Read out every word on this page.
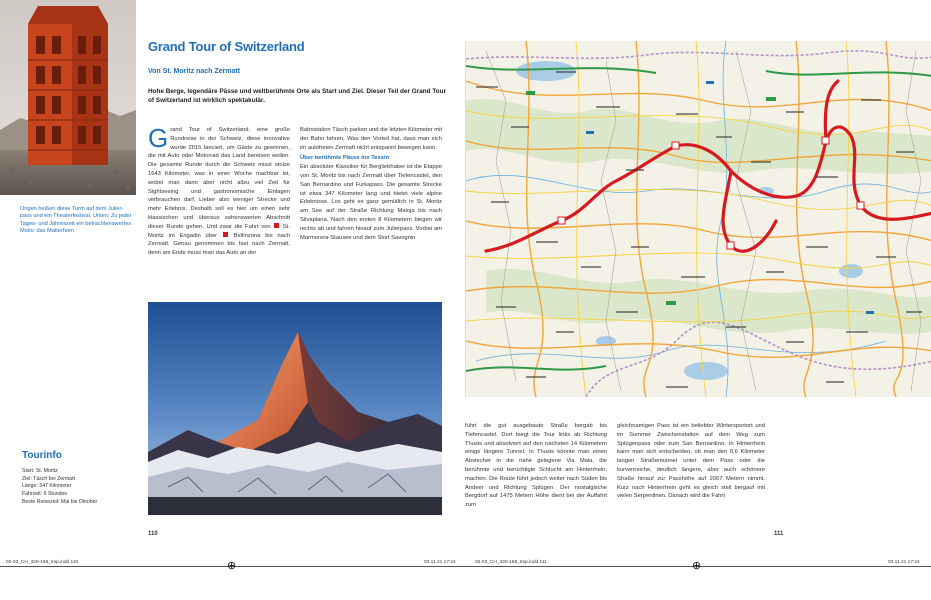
Origen heißen diese Turm auf dem Julier-pass und ein Theaterfestival. Unten: Zu jeder Tages- und Jahreszeit ein betrachtenswertes Motiv: das Matterhorn
Grand Tour of Switzerland
Von St. Moritz nach Zermatt
Hohe Berge, legendäre Pässe und weltberühmte Orte als Start und Ziel. Dieser Teil der Grand Tour of Switzerland ist wirklich spektakulär.

Grand Tour of Switzerland, eine große Rundreise in der Schweiz, diese innovative wurde 2015 lanciert, um Gäste zu gewinnen, die mit Auto oder Motorrad das Land bereisen wollen. Die gesamte Runde durch die Schweiz misst stolze 1643 Kilometer, was in einer Woche machbar ist, wobei man dann aber nicht allzu viel Zeit für Sightseeing und gastronomische Einlagen verbrauchen darf. Lieber also weniger Strecke und mehr Erlebnis. Deshalb soll es hier um einen sehr klassischen und überaus sehenswerten Abschnitt dieser Runde gehen. Und zwar die Fahrt von St. Moritz im Engadin über	Bellinzona bis nach Zermatt. Genau genommen bis fast nach Zermatt, denn am Ende muss man das Auto an der

Bahnstation Täsch parken und die letzten Kilometer mit der Bahn fahren. Was den Vorteil hat, dass man sich im autofreien Zermatt nicht entspannt bewegen kann.

Über berühmte Pässe ins Tessin
Ein absoluter Klassiker für Bergliebhaber ist die Etappe von St. Moritz bis nach Zermatt über Tiefencastel, den San Bernardino und Furkapass. Die gesamte Strecke ist etwa 347 Kilometer lang und bietet viele alpine Erlebnisse. Los geht es ganz gemütlich in St. Moritz am See auf der Straße Richtung Maloja bis nach Silvaplana. Nach den ersten 8 Kilometern biegen wir rechts ab und fahren hinauf zum Julierpass. Vorbei am Marmorera-Stausee und dem Stort Savognin

Tourinfo
Start: St. Moritz
Ziel: Täsch bei Zermatt
Länge: 347 Kilometer
Fahrzeit: 6 Stunden
Beste Reisezeit: Mai bis Oktober
110
führt die gut ausgebaute Straße bergab bis Tiefencastel. Dort biegt die Tour links ab Richtung Thusis und absolviert auf den nächsten 14 Kilometern einige längere Tunnel. In Thusis könnte man einen Abstecher in die nahe gelegene Via Mala, die berühmte und berüchtigte Schlucht am Hinterrhein, machen. Die Route führt jedoch weiter nach Süden bis Andeer und Richtung Splügen. Der nostalgische Bergdorf auf 1475 Metern Höhe dient bei der Auffahrt zum
gleichnamigen Pass ist ein beliebter Wintersportort und im Sommer Zwischenstation auf dem Weg zum Splügenpass oder zum San Bernardino. In Hinterrhein kann man sich entscheiden, ob man den 6,6 Kilometer langen Straßentunnel unter dem Pass oder die kurvenreiche, deutlich längere, aber auch schönere Straße hinauf zur Passhöhe auf 2067 Metern nimmt. Kurz nach Hinterrhein geht es gleich steil bergauf mit vielen Serpentinen. Danach wird die Fahrt
111
02-03_CH_320-168_Imp.indd 110	⊕	03.11.21 17:24	02-03_CH_320-168_Imp.indd 111	⊕	03.11.21 17:24
